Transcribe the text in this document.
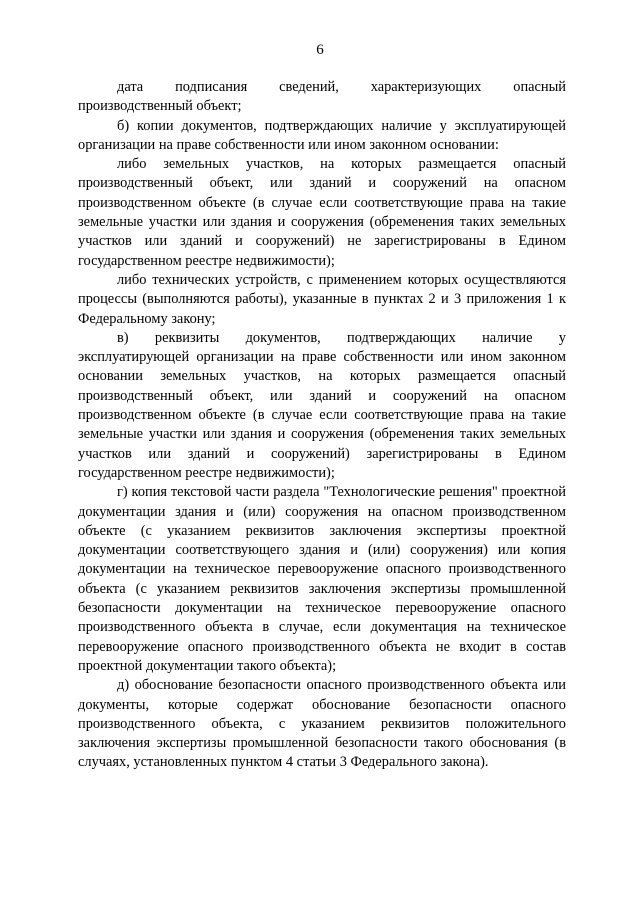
6

дата подписания сведений, характеризующих опасный производственный объект;

б) копии документов, подтверждающих наличие у эксплуатирующей организации на праве собственности или ином законном основании:

либо земельных участков, на которых размещается опасный производственный объект, или зданий и сооружений на опасном производственном объекте (в случае если соответствующие права на такие земельные участки или здания и сооружения (обременения таких земельных участков или зданий и сооружений) не зарегистрированы в Едином государственном реестре недвижимости);

либо технических устройств, с применением которых осуществляются процессы (выполняются работы), указанные в пунктах 2 и 3 приложения 1 к Федеральному закону;

в) реквизиты документов, подтверждающих наличие у эксплуатирующей организации на праве собственности или ином законном основании земельных участков, на которых размещается опасный производственный объект, или зданий и сооружений на опасном производственном объекте (в случае если соответствующие права на такие земельные участки или здания и сооружения (обременения таких земельных участков или зданий и сооружений) зарегистрированы в Едином государственном реестре недвижимости);

г) копия текстовой части раздела "Технологические решения" проектной документации здания и (или) сооружения на опасном производственном объекте (с указанием реквизитов заключения экспертизы проектной документации соответствующего здания и (или) сооружения) или копия документации на техническое перевооружение опасного производственного объекта (с указанием реквизитов заключения экспертизы промышленной безопасности документации на техническое перевооружение опасного производственного объекта в случае, если документация на техническое перевооружение опасного производственного объекта не входит в состав проектной документации такого объекта);

д) обоснование безопасности опасного производственного объекта или документы, которые содержат обоснование безопасности опасного производственного объекта, с указанием реквизитов положительного заключения экспертизы промышленной безопасности такого обоснования (в случаях, установленных пунктом 4 статьи 3 Федерального закона).
